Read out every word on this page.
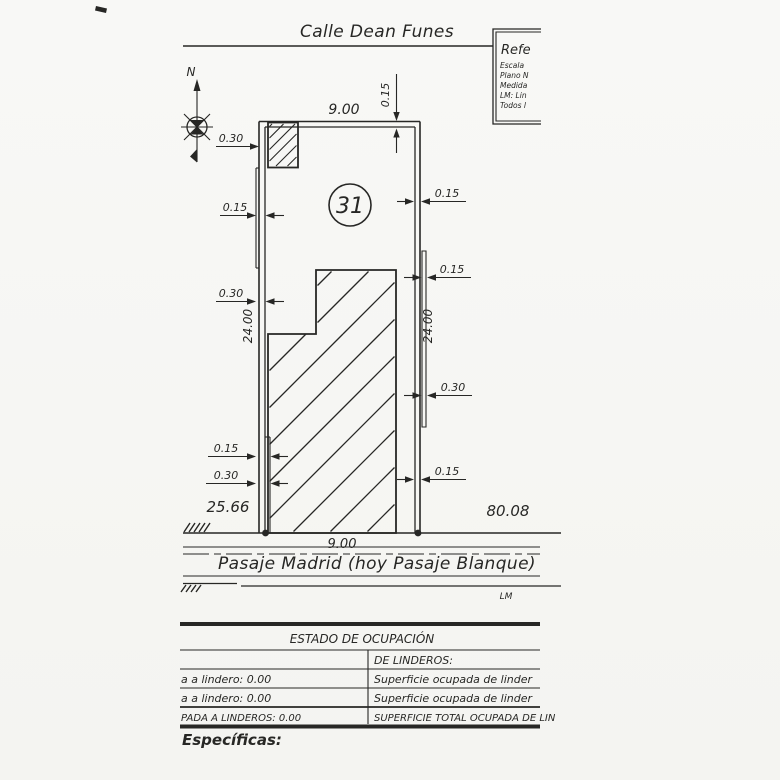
Calle Dean Funes
Refe
Escala
Plano N
Medida
LM: Lin
Todos l
N
31
9.00
0.15
0.30
0.15
0.30
24.00
0.15
0.30
25.66
0.15
0.15
24.00
0.30
0.15
80.08
9.00
Pasaje Madrid (hoy Pasaje Blanque)
LM
ESTADO DE OCUPACIÓN
DE LINDEROS:
a a lindero: 0.00	Superficie ocupada de linder
a a lindero: 0.00	Superficie ocupada de linder
PADA A LINDEROS: 0.00	SUPERFICIE TOTAL OCUPADA DE LIN
Específicas:
